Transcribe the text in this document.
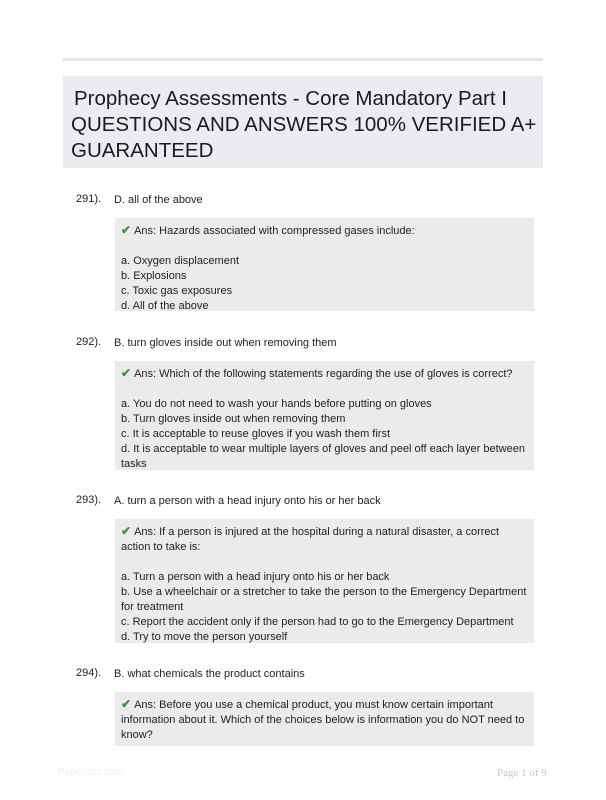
Prophecy Assessments - Core Mandatory Part I
QUESTIONS AND ANSWERS 100% VERIFIED A+
GUARANTEED
291). D. all of the above
✔ Ans: Hazards associated with compressed gases include:
a. Oxygen displacement
b. Explosions
c. Toxic gas exposures
d. All of the above
292). B. turn gloves inside out when removing them
✔ Ans: Which of the following statements regarding the use of gloves is correct?
a. You do not need to wash your hands before putting on gloves
b. Turn gloves inside out when removing them
c. It is acceptable to reuse gloves if you wash them first
d. It is acceptable to wear multiple layers of gloves and peel off each layer between tasks
293). A. turn a person with a head injury onto his or her back
✔ Ans: If a person is injured at the hospital during a natural disaster, a correct action to take is:
a. Turn a person with a head injury onto his or her back
b. Use a wheelchair or a stretcher to take the person to the Emergency Department for treatment
c. Report the accident only if the person had to go to the Emergency Department
d. Try to move the person yourself
294). B. what chemicals the product contains
✔ Ans: Before you use a chemical product, you must know certain important information about it. Which of the choices below is information you do NOT need to know?
Papersitic.com	Page 1 of 9
